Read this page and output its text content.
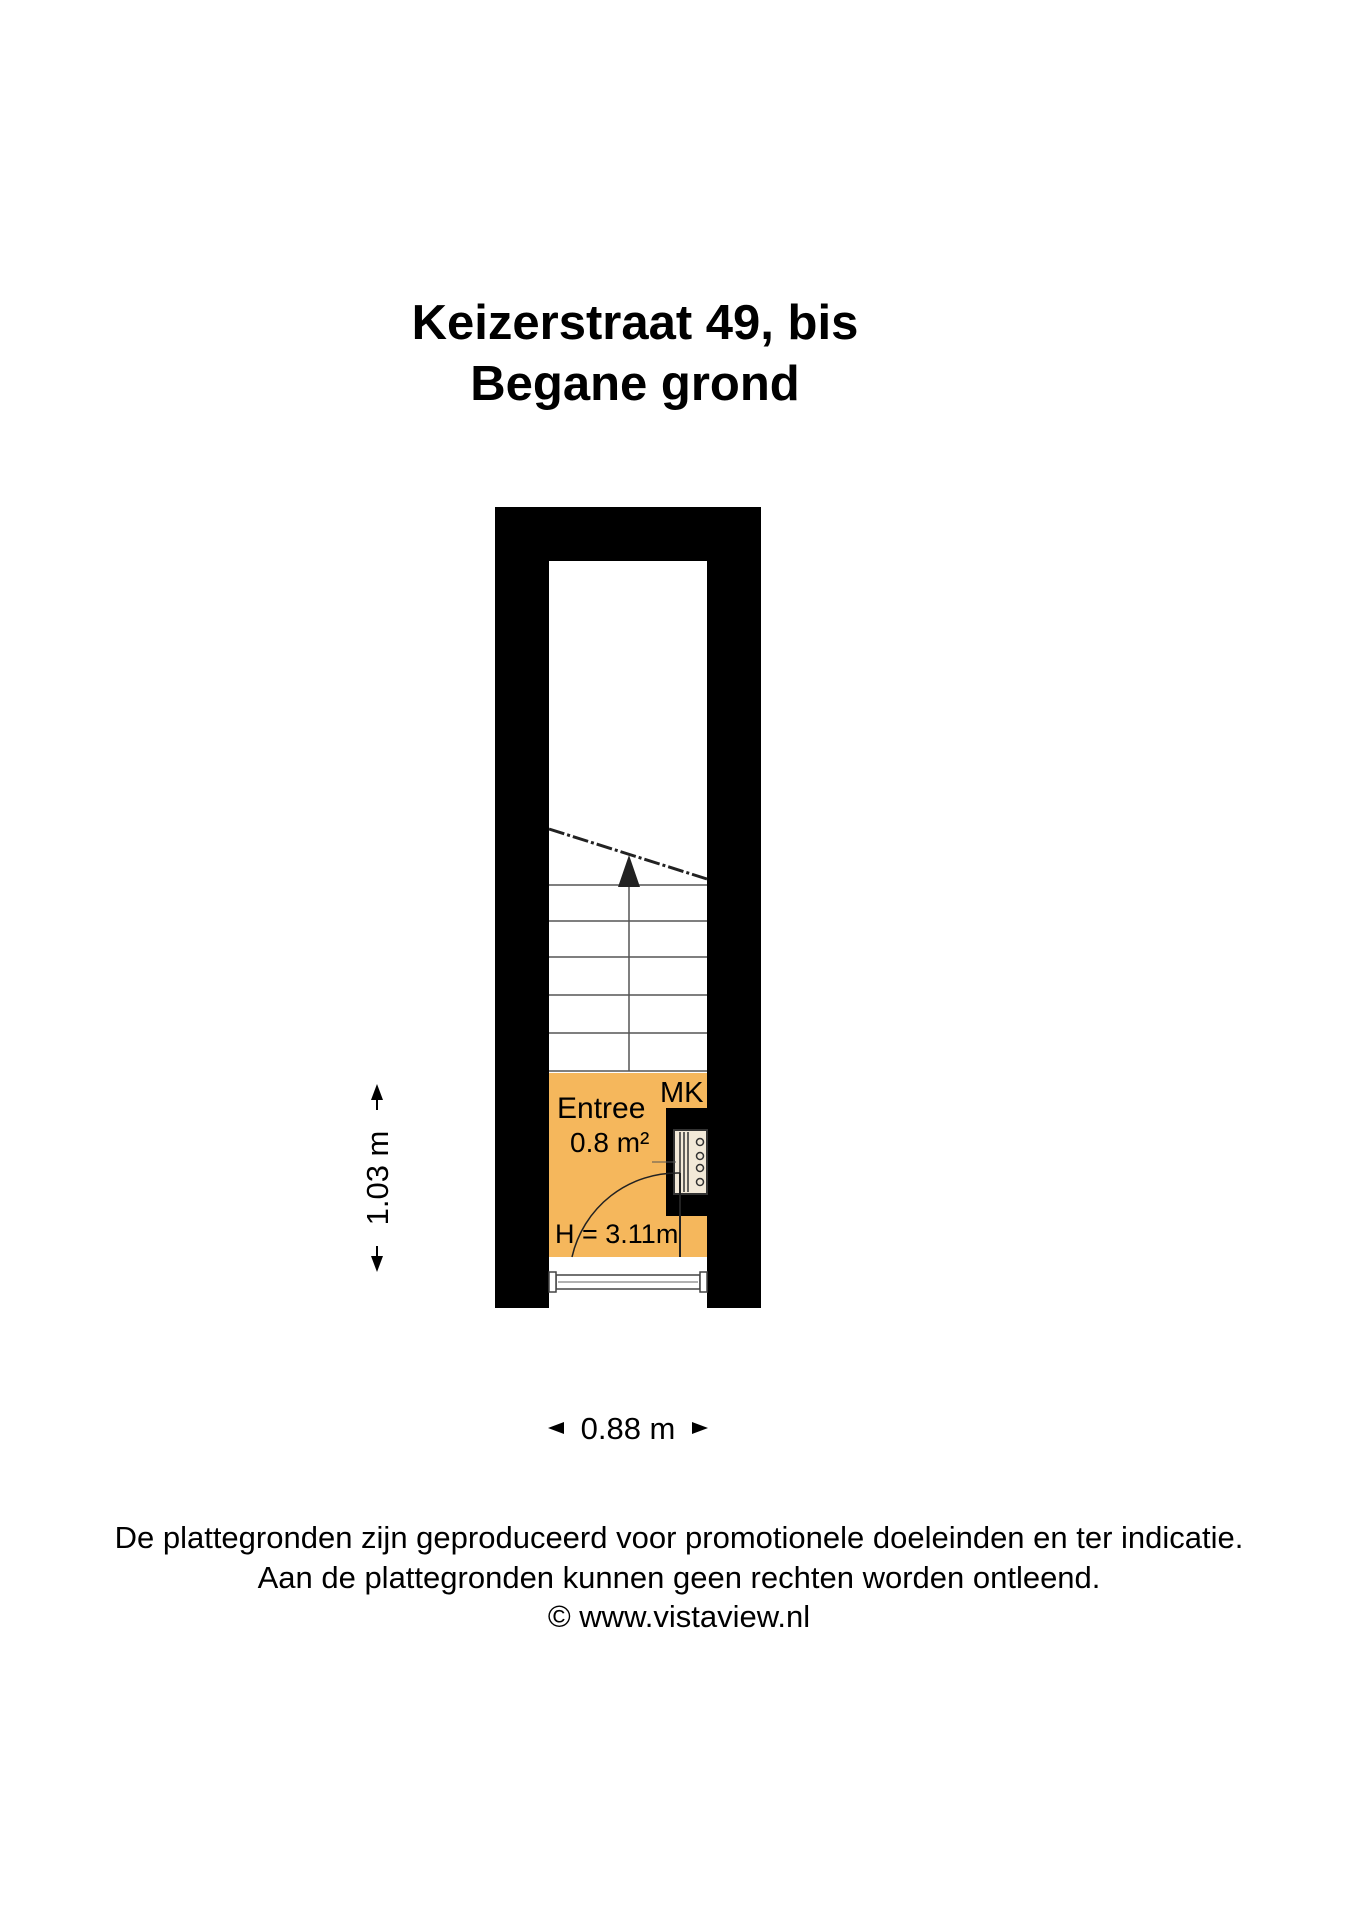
Keizerstraat 49, bis
Begane grond
Entree MK
0.8 m²
H = 3.11m
1.03 m
0.88 m
De plattegronden zijn geproduceerd voor promotionele doeleinden en ter indicatie.
Aan de plattegronden kunnen geen rechten worden ontleend.
© www.vistaview.nl
